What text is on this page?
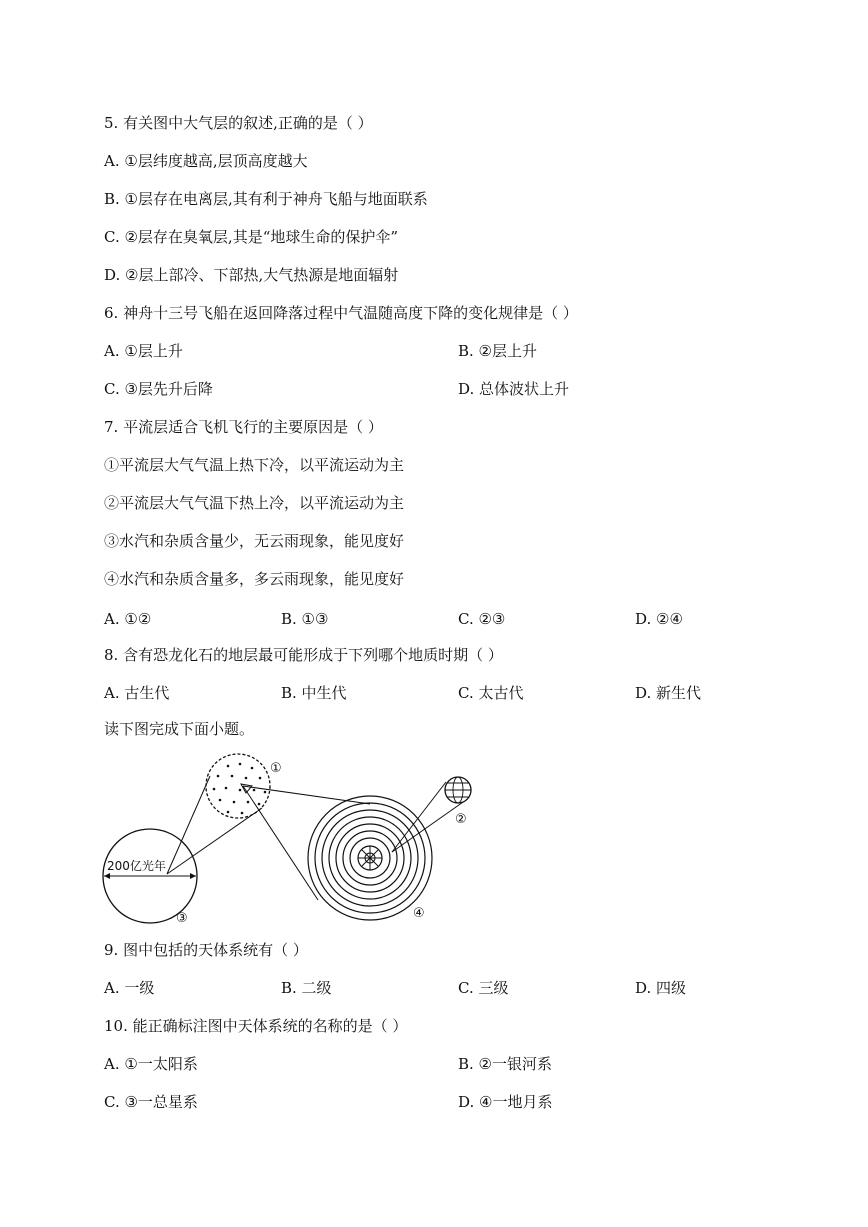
5. 有关图中大气层的叙述,正确的是（ ）
A. ①层纬度越高,层顶高度越大
B. ①层存在电离层,其有利于神舟飞船与地面联系
C. ②层存在臭氧层,其是“地球生命的保护伞”
D. ②层上部冷、下部热,大气热源是地面辐射
6. 神舟十三号飞船在返回降落过程中气温随高度下降的变化规律是（ ）
A. ①层上升	B. ②层上升
C. ③层先升后降	D. 总体波状上升
7. 平流层适合飞机飞行的主要原因是（ ）
①平流层大气气温上热下冷，以平流运动为主
②平流层大气气温下热上冷，以平流运动为主
③水汽和杂质含量少，无云雨现象，能见度好
④水汽和杂质含量多，多云雨现象，能见度好
A. ①②	B. ①③	C. ②③	D. ②④
8. 含有恐龙化石的地层最可能形成于下列哪个地质时期（ ）
A. 古生代	B. 中生代	C. 太古代	D. 新生代
读下图完成下面小题。
200亿光年
③
①
④
②
9. 图中包括的天体系统有（ ）
A. 一级	B. 二级	C. 三级	D. 四级
10. 能正确标注图中天体系统的名称的是（ ）
A. ①一太阳系	B. ②一银河系
C. ③一总星系	D. ④一地月系
